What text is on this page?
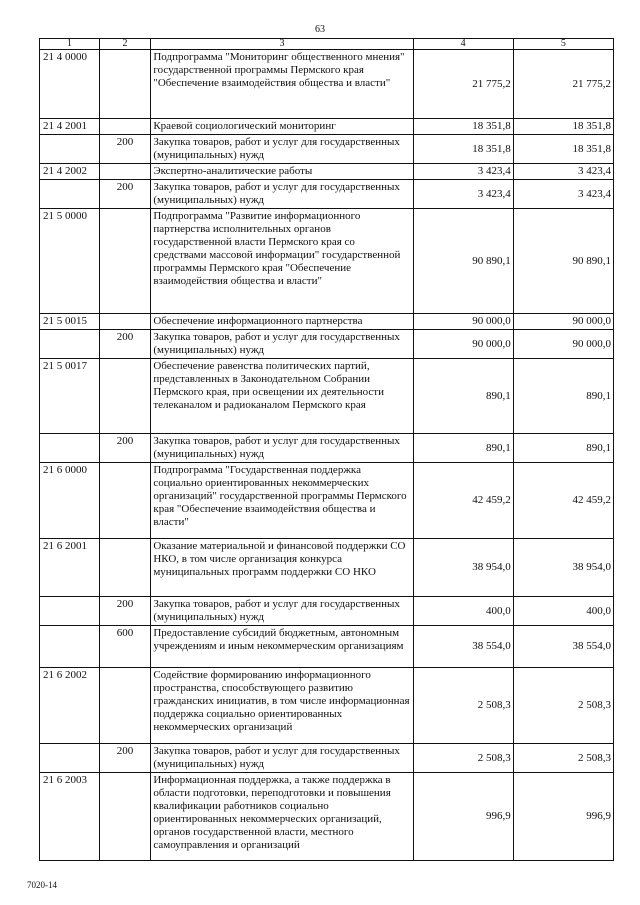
63
1	2	3	4	5
21 4 0000		Подпрограмма "Мониторинг общественного мнения" государственной программы Пермского края "Обеспечение взаимодействия общества и власти"	21 775,2	21 775,2
21 4 2001		Краевой социологический мониторинг	18 351,8	18 351,8
	200	Закупка товаров, работ и услуг для государственных (муниципальных) нужд	18 351,8	18 351,8
21 4 2002		Экспертно-аналитические работы	3 423,4	3 423,4
	200	Закупка товаров, работ и услуг для государственных (муниципальных) нужд	3 423,4	3 423,4
21 5 0000		Подпрограмма "Развитие информационного партнерства исполнительных органов государственной власти Пермского края со средствами массовой информации" государственной программы Пермского края "Обеспечение взаимодействия общества и власти"	90 890,1	90 890,1
21 5 0015		Обеспечение информационного партнерства	90 000,0	90 000,0
	200	Закупка товаров, работ и услуг для государственных (муниципальных) нужд	90 000,0	90 000,0
21 5 0017		Обеспечение равенства политических партий, представленных в Законодательном Собрании Пермского края, при освещении их деятельности телеканалом и радиоканалом Пермского края	890,1	890,1
	200	Закупка товаров, работ и услуг для государственных (муниципальных) нужд	890,1	890,1
21 6 0000		Подпрограмма "Государственная поддержка социально ориентированных некоммерческих организаций" государственной программы Пермского края "Обеспечение взаимодействия общества и власти"	42 459,2	42 459,2
21 6 2001		Оказание материальной и финансовой поддержки СО НКО, в том числе организация конкурса муниципальных программ поддержки СО НКО	38 954,0	38 954,0
	200	Закупка товаров, работ и услуг для государственных (муниципальных) нужд	400,0	400,0
	600	Предоставление субсидий бюджетным, автономным учреждениям и иным некоммерческим организациям	38 554,0	38 554,0
21 6 2002		Содействие формированию информационного пространства, способствующего развитию гражданских инициатив, в том числе информационная поддержка социально ориентированных некоммерческих организаций	2 508,3	2 508,3
	200	Закупка товаров, работ и услуг для государственных (муниципальных) нужд	2 508,3	2 508,3
21 6 2003		Информационная поддержка, а также поддержка в области подготовки, переподготовки и повышения квалификации работников социально ориентированных некоммерческих организаций, органов государственной власти, местного самоуправления и организаций	996,9	996,9
7020-14
